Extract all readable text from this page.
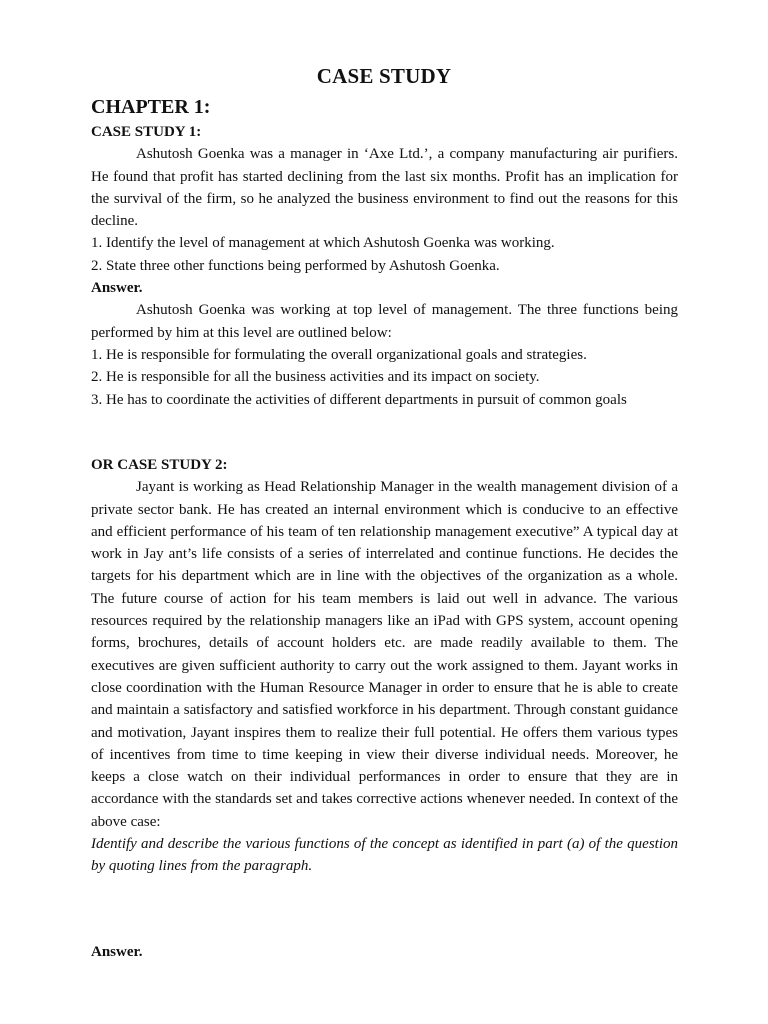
CASE STUDY
CHAPTER 1:

CASE STUDY 1:

Ashutosh Goenka was a manager in ‘Axe Ltd.’, a company manufacturing air purifiers. He found that profit has started declining from the last six months. Profit has an implication for the survival of the firm, so he analyzed the business environment to find out the reasons for this decline.

1. Identify the level of management at which Ashutosh Goenka was working.

2. State three other functions being performed by Ashutosh Goenka.

Answer.

Ashutosh Goenka was working at top level of management. The three functions being performed by him at this level are outlined below:

1. He is responsible for formulating the overall organizational goals and strategies.

2. He is responsible for all the business activities and its impact on society.

3. He has to coordinate the activities of different departments in pursuit of common goals

OR CASE STUDY 2:

Jayant is working as Head Relationship Manager in the wealth management division of a private sector bank. He has created an internal environment which is conducive to an effective and efficient performance of his team of ten relationship management executive” A typical day at work in Jay ant’s life consists of a series of interrelated and continue functions. He decides the targets for his department which are in line with the objectives of the organization as a whole. The future course of action for his team members is laid out well in advance. The various resources required by the relationship managers like an iPad with GPS system, account opening forms, brochures, details of account holders etc. are made readily available to them. The executives are given sufficient authority to carry out the work assigned to them. Jayant works in close coordination with the Human Resource Manager in order to ensure that he is able to create and maintain a satisfactory and satisfied workforce in his department. Through constant guidance and motivation, Jayant inspires them to realize their full potential. He offers them various types of incentives from time to time keeping in view their diverse individual needs. Moreover, he keeps a close watch on their individual performances in order to ensure that they are in accordance with the standards set and takes corrective actions whenever needed. In context of the above case:

Identify and describe the various functions of the concept as identified in part (a) of the question by quoting lines from the paragraph.

Answer.
